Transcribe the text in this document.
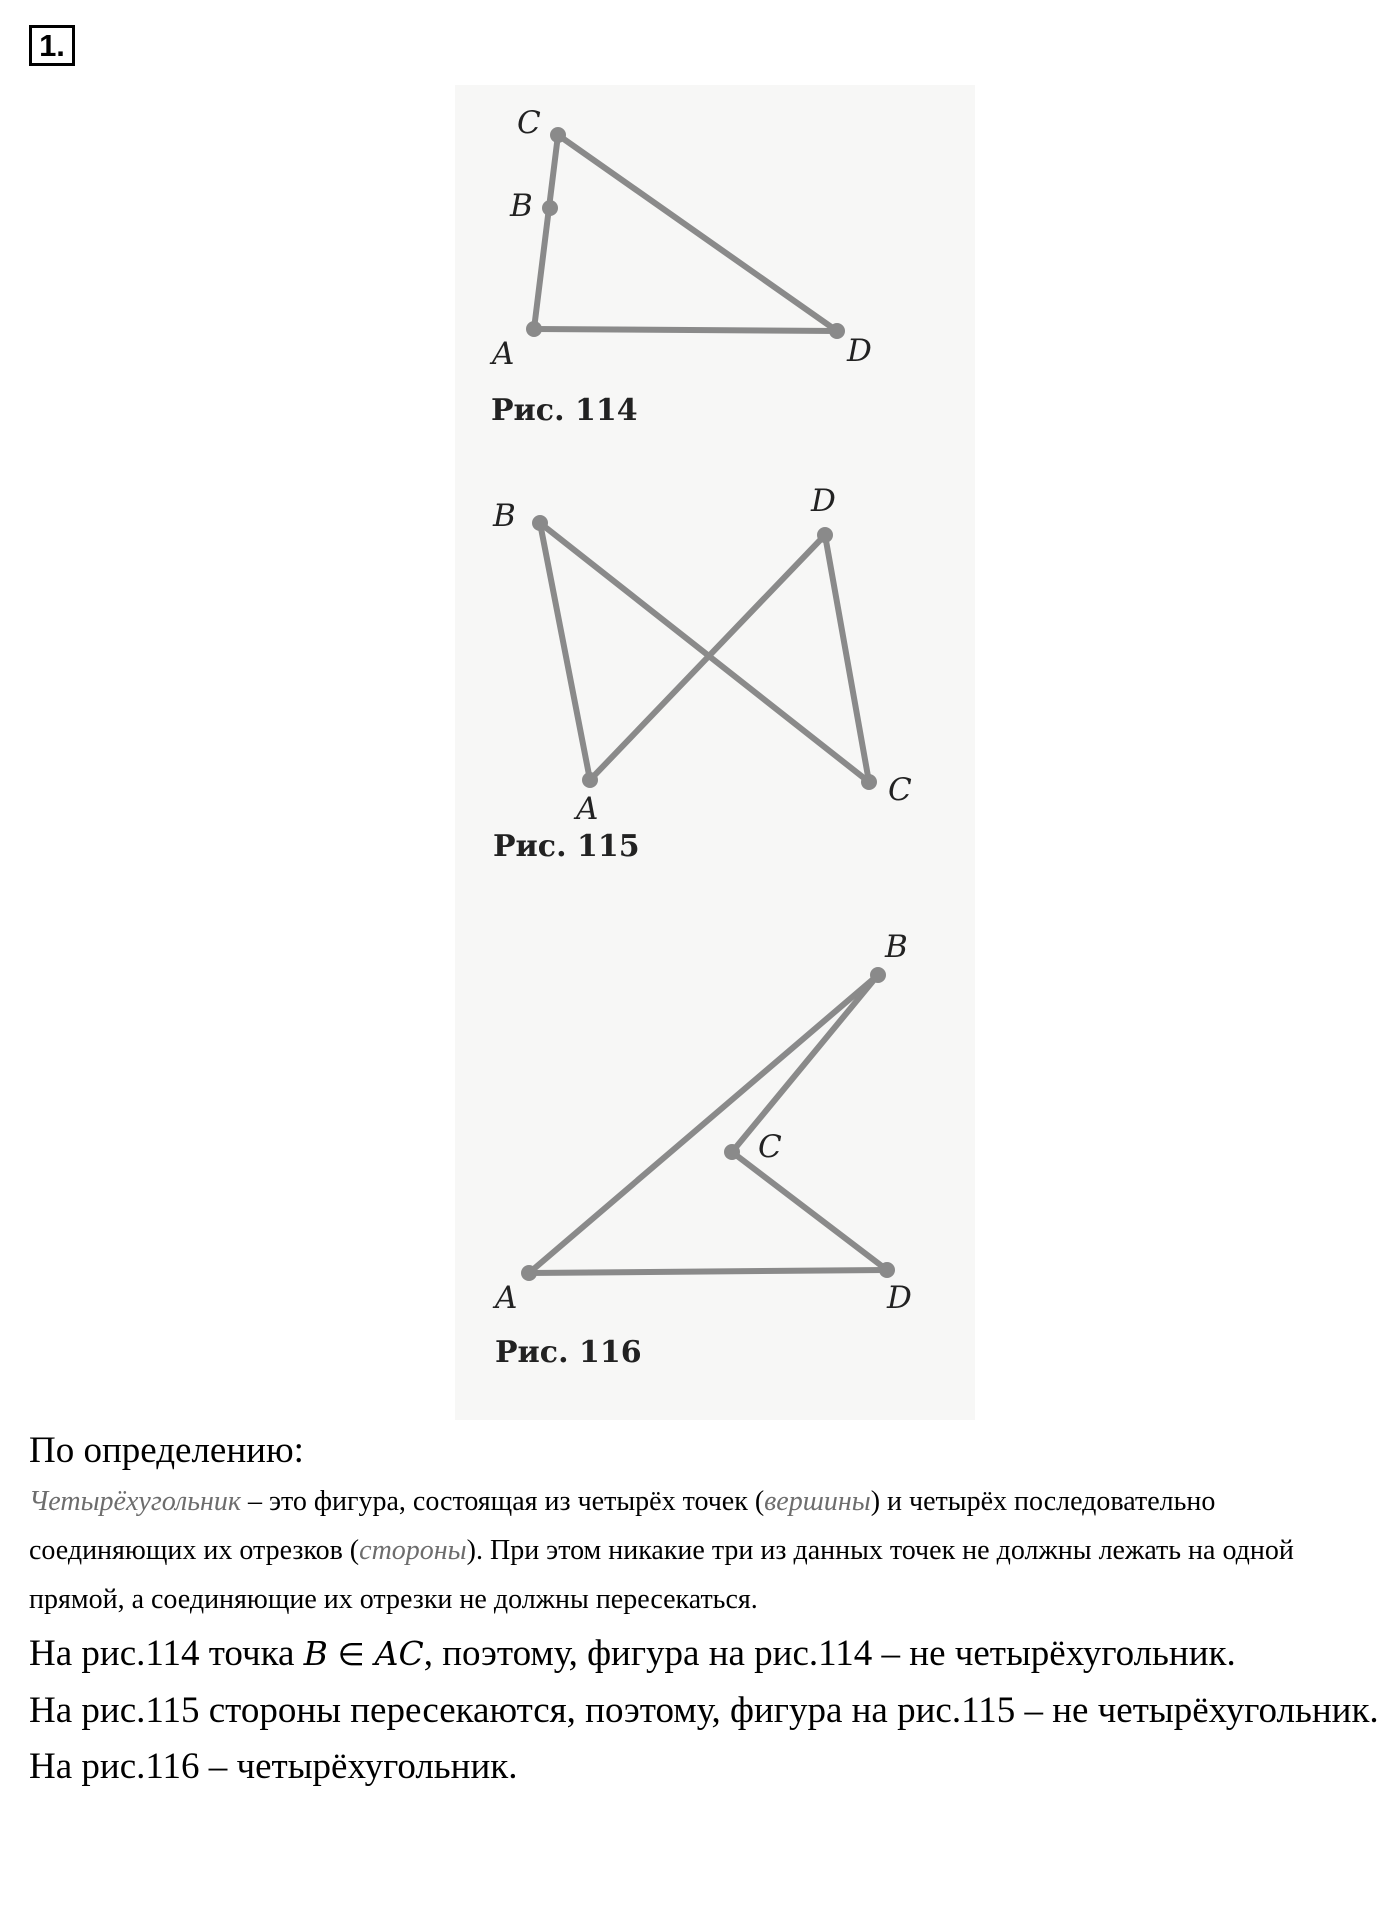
1.
C
B
A	D
Рис. 114
D
B
A
C
Рис. 115
B
C
A	D
Рис. 116

По определению:

Четырёхугольник – это фигура, состоящая из четырёх точек (вершины) и четырёх последовательно соединяющих их отрезков (стороны). При этом никакие три из данных точек не должны лежать на одной прямой, а соединяющие их отрезки не должны пересекаться.

На рис.114 точка B ∈ AC, поэтому, фигура на рис.114 – не четырёхугольник.

На рис.115 стороны пересекаются, поэтому, фигура на рис.115 – не четырёхугольник.

На рис.116 – четырёхугольник.
